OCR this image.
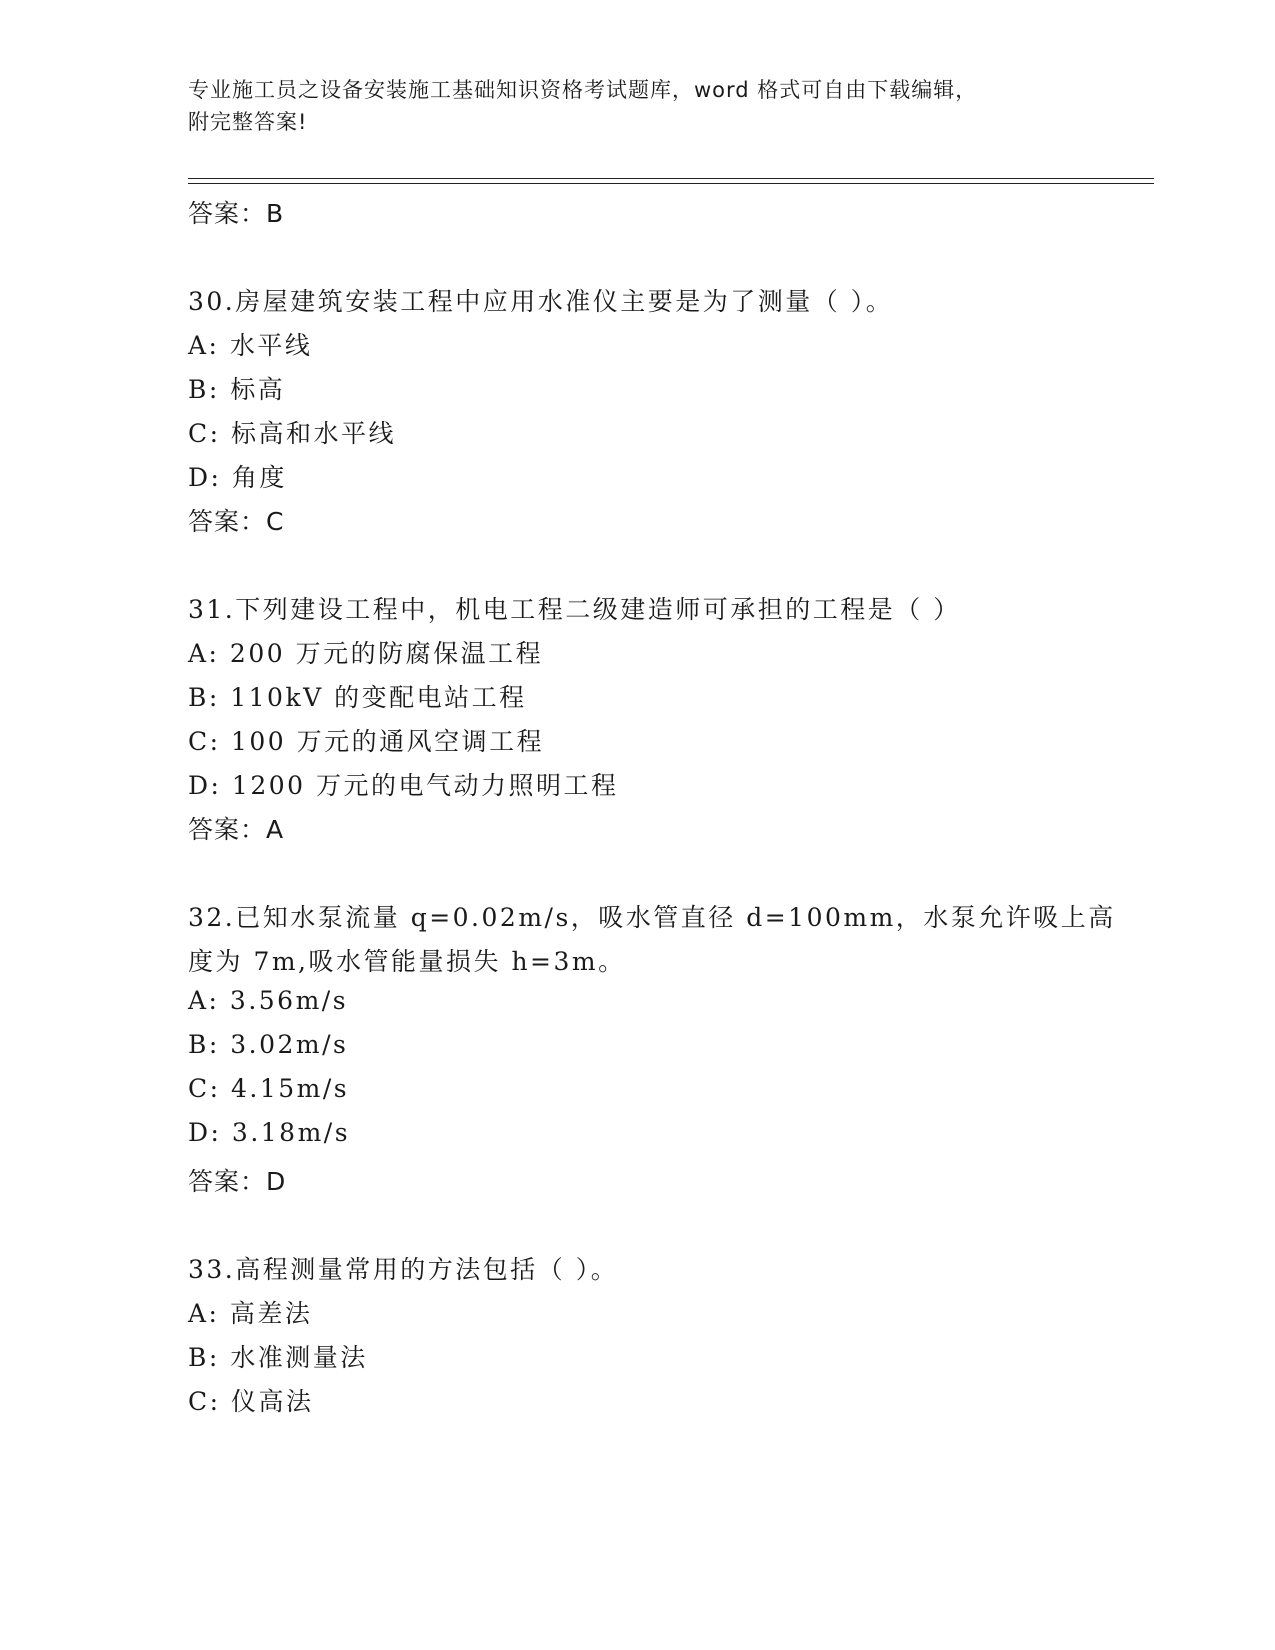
专业施工员之设备安装施工基础知识资格考试题库，word 格式可自由下载编辑，
附完整答案!
答案：B
30.房屋建筑安装工程中应用水准仪主要是为了测量（ ）。
A: 水平线
B: 标高
C: 标高和水平线
D: 角度
答案：C
31.下列建设工程中，机电工程二级建造师可承担的工程是（ ）
A: 200 万元的防腐保温工程
B: 110kV 的变配电站工程
C: 100 万元的通风空调工程
D: 1200 万元的电气动力照明工程
答案：A
32.已知水泵流量 q=0.02m/s，吸水管直径 d=100mm，水泵允许吸上高
度为 7m,吸水管能量损失 h=3m。
A: 3.56m/s
B: 3.02m/s
C: 4.15m/s
D: 3.18m/s
答案：D
33.高程测量常用的方法包括（ ）。
A: 高差法
B: 水准测量法
C: 仪高法
